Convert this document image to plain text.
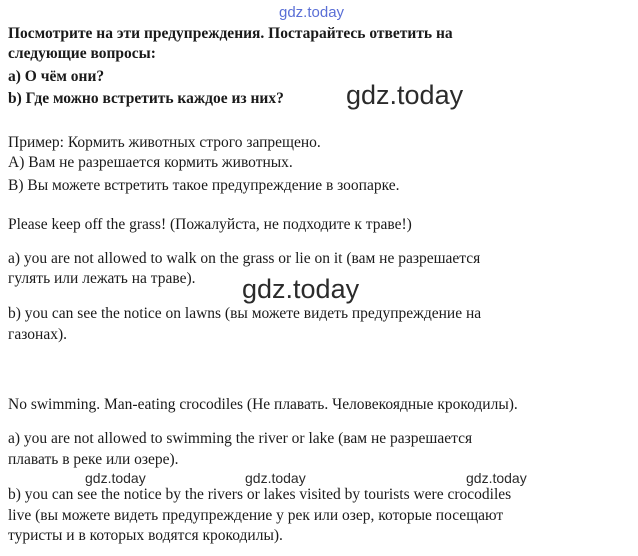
gdz.today
Посмотрите на эти предупреждения. Постарайтесь ответить на
следующие вопросы:
а) О чём они?
b) Где можно встретить каждое из них? gdz.today
Пример: Кормить животных строго запрещено.
А) Вам не разрешается кормить животных.
В) Вы можете встретить такое предупреждение в зоопарке.
Please keep off the grass! (Пожалуйста, не подходите к траве!)
a) you are not allowed to walk on the grass or lie on it (вам не разрешается
гулять или лежать на траве). gdz.today
b) you can see the notice on lawns (вы можете видеть предупреждение на
газонах).
No swimming. Man-eating crocodiles (Не плавать. Человекоядные крокодилы).
a) you are not allowed to swimming the river or lake (вам не разрешается
плавать в реке или озере).
gdz.today	gdz.today	gdz.today
b) you can see the notice by the rivers or lakes visited by tourists were crocodiles
live (вы можете видеть предупреждение у рек или озер, которые посещают
туристы и в которых водятся крокодилы).
